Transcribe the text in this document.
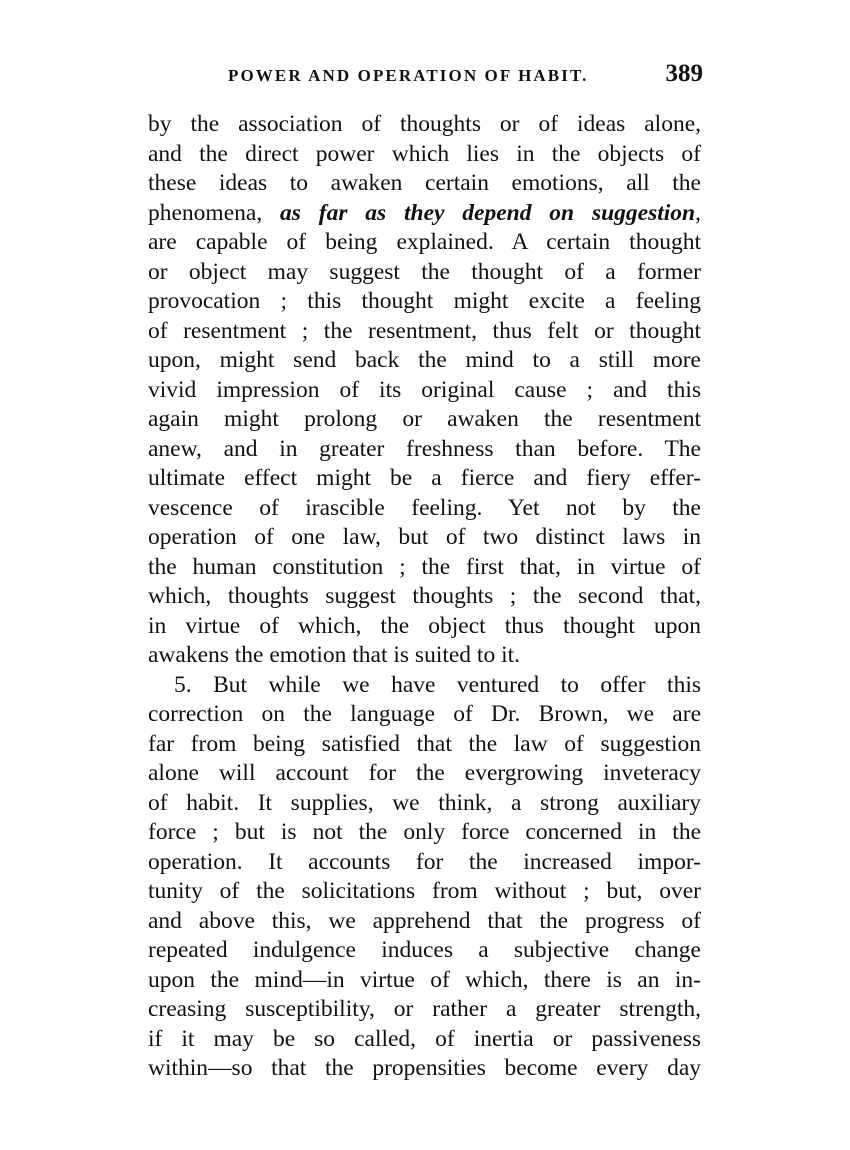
POWER AND OPERATION OF HABIT.	389
by the association of thoughts or of ideas alone,
and the direct power which lies in the objects of
these ideas to awaken certain emotions, all the
phenomena, as far as they depend on suggestion,
are capable of being explained. A certain thought
or object may suggest the thought of a former
provocation ; this thought might excite a feeling
of resentment ; the resentment, thus felt or thought
upon, might send back the mind to a still more
vivid impression of its original cause ; and this
again might prolong or awaken the resentment
anew, and in greater freshness than before. The
ultimate effect might be a fierce and fiery effer-
vescence of irascible feeling. Yet not by the
operation of one law, but of two distinct laws in
the human constitution ; the first that, in virtue of
which, thoughts suggest thoughts ; the second that,
in virtue of which, the object thus thought upon
awakens the emotion that is suited to it.
5. But while we have ventured to offer this
correction on the language of Dr. Brown, we are
far from being satisfied that the law of suggestion
alone will account for the evergrowing inveteracy
of habit. It supplies, we think, a strong auxiliary
force ; but is not the only force concerned in the
operation. It accounts for the increased impor-
tunity of the solicitations from without ; but, over
and above this, we apprehend that the progress of
repeated indulgence induces a subjective change
upon the mind—in virtue of which, there is an in-
creasing susceptibility, or rather a greater strength,
if it may be so called, of inertia or passiveness
within—so that the propensities become every day
